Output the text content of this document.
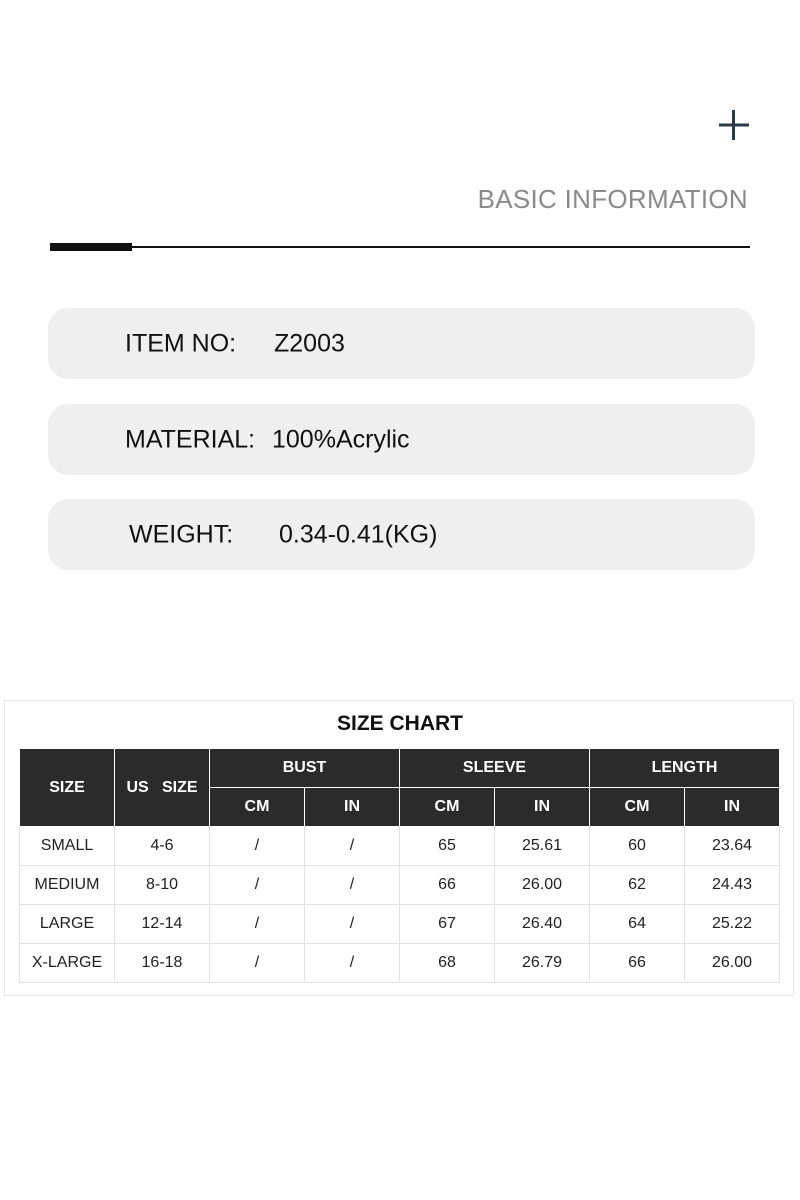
BASIC INFORMATION
ITEM NO: Z2003
MATERIAL: 100%Acrylic
WEIGHT: 0.34-0.41(KG)
SIZE CHART
SIZE	US   SIZE	BUST		SLEEVE		LENGTH	
		CM	IN	CM	IN	CM	IN
SMALL	4-6	/	/	65	25.61	60	23.64
MEDIUM	8-10	/	/	66	26.00	62	24.43
LARGE	12-14	/	/	67	26.40	64	25.22
X-LARGE	16-18	/	/	68	26.79	66	26.00
